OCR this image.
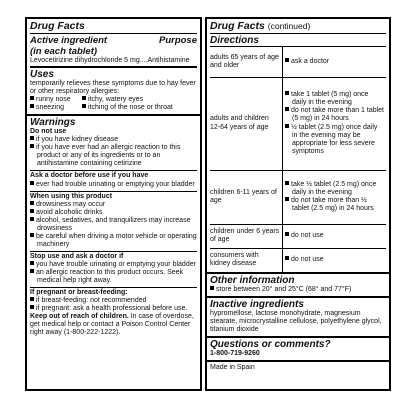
Drug Facts
Active ingredient	Purpose
(in each tablet)
Levocetirizine dihydrochloride 5 mg....Antihistamine
Uses
temporarily relieves these symptoms due to hay fever or other respiratory allergies:
runny nose	itchy, watery eyes
sneezing	itching of the nose or throat
Warnings
Do not use
if you have kidney disease
if you have ever had an allergic reaction to this product or any of its ingredients or to an antihistamine containing cetirizine
Ask a doctor before use if you have
ever had trouble urinating or emptying your bladder
When using this product
drowsiness may occur
avoid alcoholic drinks
alcohol, sedatives, and tranquilizers may increase drowsiness
be careful when driving a motor vehicle or operating machinery
Stop use and ask a doctor if
you have trouble urinating or emptying your bladder
an allergic reaction to this product occurs. Seek medical help right away.
If pregnant or breast-feeding:
if breast-feeding: not recommended
if pregnant: ask a health professional before use.
Keep out of reach of children. In case of overdose, get medical help or contact a Poison Control Center right away (1-800-222-1222).
Drug Facts (continued)
Directions
adults 65 years of age and older	ask a doctor

adults and children 12-64 years of age	take 1 tablet (5 mg) once daily in the evening
do not take more than 1 tablet (5 mg) in 24 hours
½ tablet (2.5 mg) once daily in the evening may be appropriate for less severe symptoms

children 6-11 years of age	take ½ tablet (2.5 mg) once daily in the evening
do not take more than ½ tablet (2.5 mg) in 24 hours

children under 6 years of age	do not use

consumers with kidney disease	do not use
Other information
store between 20° and 25°C (68° and 77°F)
Inactive ingredients
hypromellose, lactose monohydrate, magnesium stearate, microcrystalline cellulose, polyethylene glycol, titanium dioxide
Questions or comments?
1-800-719-9260
Made in Spain
